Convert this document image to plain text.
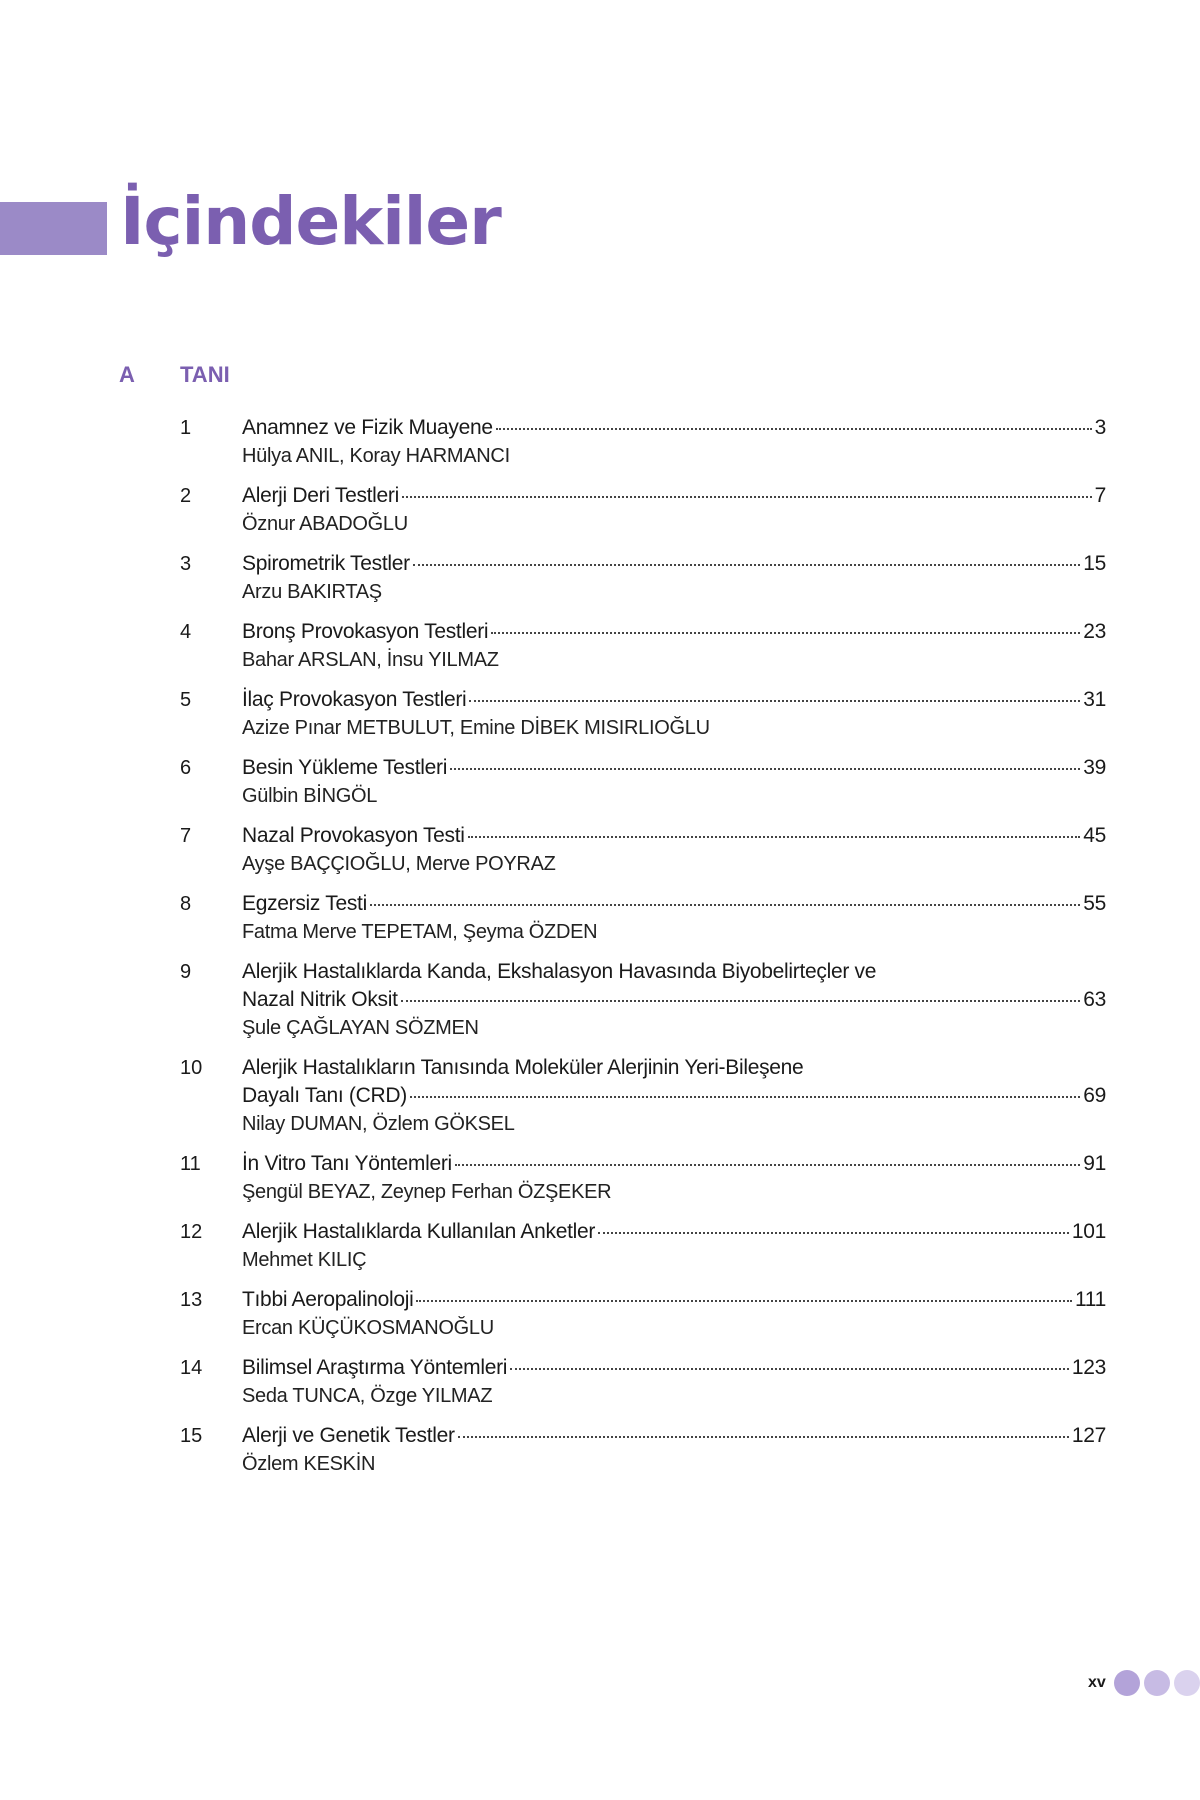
İçindekiler
A TANI
1 Anamnez ve Fizik Muayene	3
Hülya ANIL, Koray HARMANCI
2 Alerji Deri Testleri	7
Öznur ABADOĞLU
3 Spirometrik Testler	15
Arzu BAKIRTAŞ
4 Bronş Provokasyon Testleri	23
Bahar ARSLAN, İnsu YILMAZ
5 İlaç Provokasyon Testleri	31
Azize Pınar METBULUT, Emine DİBEK MISIRLIOĞLU
6 Besin Yükleme Testleri	39
Gülbin BİNGÖL
7 Nazal Provokasyon Testi	45
Ayşe BAÇÇIOĞLU, Merve POYRAZ
8 Egzersiz Testi	55
Fatma Merve TEPETAM, Şeyma ÖZDEN
9 Alerjik Hastalıklarda Kanda, Ekshalasyon Havasında Biyobelirteçler ve
Nazal Nitrik Oksit	63
Şule ÇAĞLAYAN SÖZMEN
10 Alerjik Hastalıkların Tanısında Moleküler Alerjinin Yeri-Bileşene
Dayalı Tanı (CRD)	69
Nilay DUMAN, Özlem GÖKSEL
11 İn Vitro Tanı Yöntemleri	91
Şengül BEYAZ, Zeynep Ferhan ÖZŞEKER
12 Alerjik Hastalıklarda Kullanılan Anketler	101
Mehmet KILIÇ
13 Tıbbi Aeropalinoloji	111
Ercan KÜÇÜKOSMANOĞLU
14 Bilimsel Araştırma Yöntemleri	123
Seda TUNCA, Özge YILMAZ
15 Alerji ve Genetik Testler	127
Özlem KESKİN
xv
